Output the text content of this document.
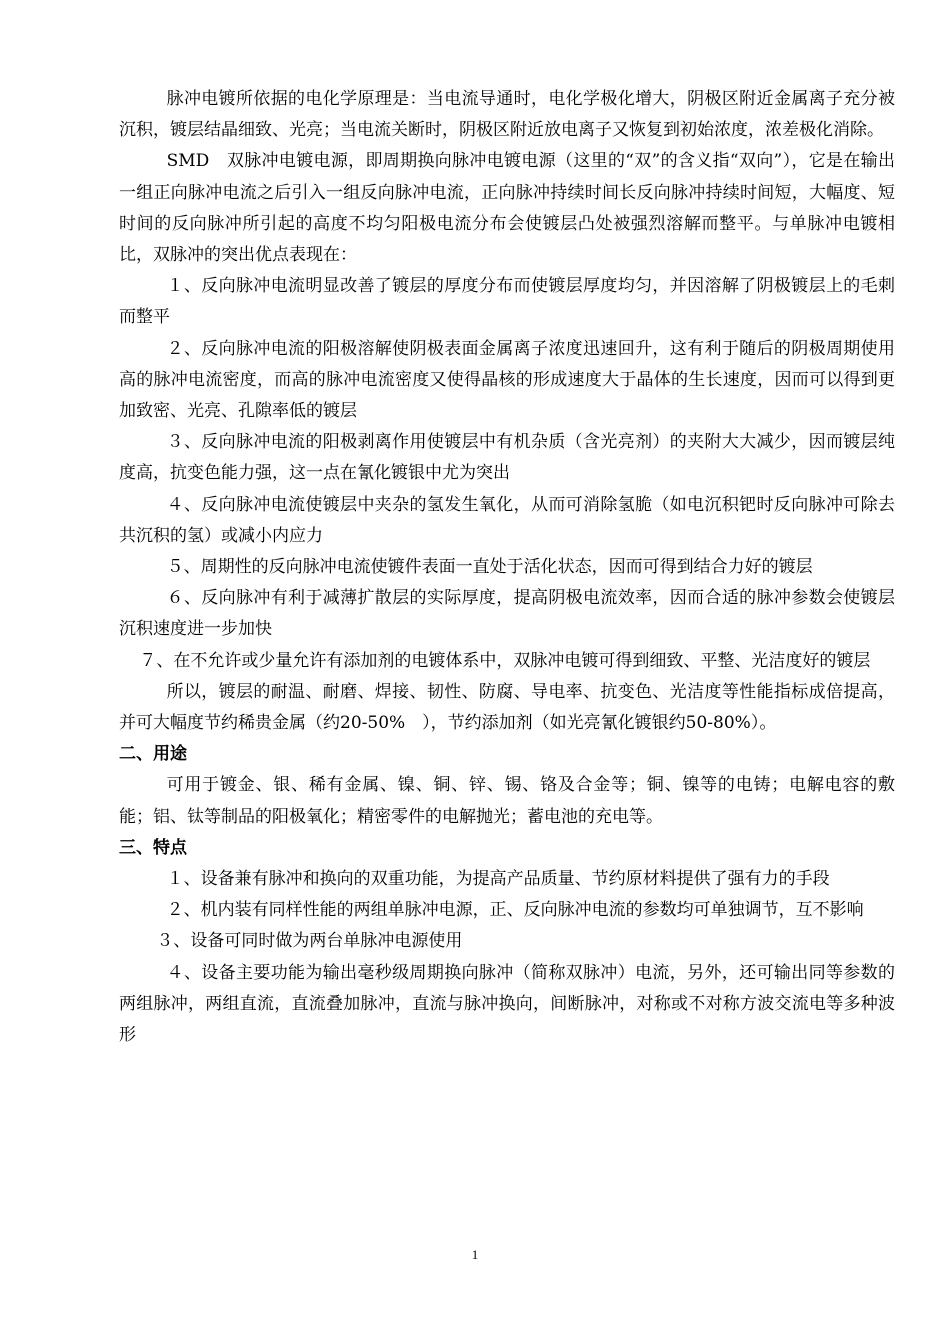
脉冲电镀所依据的电化学原理是：当电流导通时，电化学极化增大，阴极区附近金属离子充分被沉积，镀层结晶细致、光亮；当电流关断时，阴极区附近放电离子又恢复到初始浓度，浓差极化消除。

SMD　双脉冲电镀电源，即周期换向脉冲电镀电源（这里的“双”的含义指“双向”），它是在输出一组正向脉冲电流之后引入一组反向脉冲电流，正向脉冲持续时间长反向脉冲持续时间短，大幅度、短时间的反向脉冲所引起的高度不均匀阳极电流分布会使镀层凸处被强烈溶解而整平。与单脉冲电镀相比，双脉冲的突出优点表现在：

１、反向脉冲电流明显改善了镀层的厚度分布而使镀层厚度均匀，并因溶解了阴极镀层上的毛刺而整平

２、反向脉冲电流的阳极溶解使阴极表面金属离子浓度迅速回升，这有利于随后的阴极周期使用高的脉冲电流密度，而高的脉冲电流密度又使得晶核的形成速度大于晶体的生长速度，因而可以得到更加致密、光亮、孔隙率低的镀层

３、反向脉冲电流的阳极剥离作用使镀层中有机杂质（含光亮剂）的夹附大大减少，因而镀层纯度高，抗变色能力强，这一点在氰化镀银中尤为突出

４、反向脉冲电流使镀层中夹杂的氢发生氧化，从而可消除氢脆（如电沉积钯时反向脉冲可除去共沉积的氢）或减小内应力

５、周期性的反向脉冲电流使镀件表面一直处于活化状态，因而可得到结合力好的镀层

６、反向脉冲有利于减薄扩散层的实际厚度，提高阴极电流效率，因而合适的脉冲参数会使镀层沉积速度进一步加快

７、在不允许或少量允许有添加剂的电镀体系中，双脉冲电镀可得到细致、平整、光洁度好的镀层

所以，镀层的耐温、耐磨、焊接、韧性、防腐、导电率、抗变色、光洁度等性能指标成倍提高，并可大幅度节约稀贵金属（约20-50%　），节约添加剂（如光亮氰化镀银约50-80%）。

二、用途

可用于镀金、银、稀有金属、镍、铜、锌、锡、铬及合金等；铜、镍等的电铸；电解电容的敷能；铝、钛等制品的阳极氧化；精密零件的电解抛光；蓄电池的充电等。

三、特点

１、设备兼有脉冲和换向的双重功能，为提高产品质量、节约原材料提供了强有力的手段

２、机内装有同样性能的两组单脉冲电源，正、反向脉冲电流的参数均可单独调节，互不影响

３、设备可同时做为两台单脉冲电源使用

４、设备主要功能为输出毫秒级周期换向脉冲（简称双脉冲）电流，另外，还可输出同等参数的两组脉冲，两组直流，直流叠加脉冲，直流与脉冲换向，间断脉冲，对称或不对称方波交流电等多种波形

1
